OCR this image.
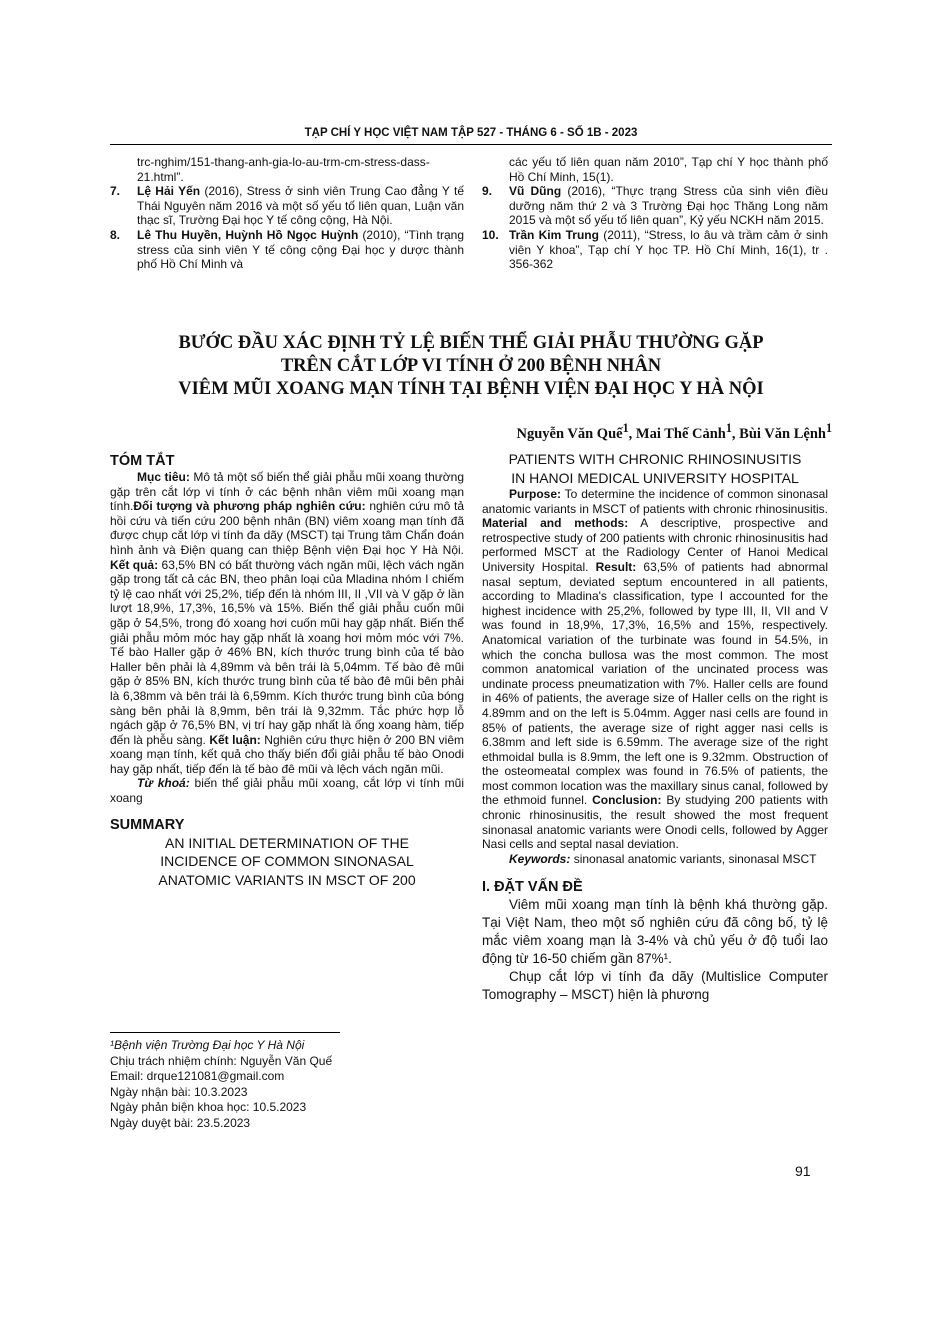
TẠP CHÍ Y HỌC VIỆT NAM TẬP 527 - THÁNG 6 - SỐ 1B - 2023
trc-nghim/151-thang-anh-gia-lo-au-trm-cm-stress-dass-21.html”.
7.	Lệ Hải Yến (2016), Stress ở sinh viên Trung Cao đẳng Y tế Thái Nguyên năm 2016 và một số yếu tố liên quan, Luận văn thạc sĩ, Trường Đại học Y tế công cộng, Hà Nội.
8.	Lê Thu Huyền, Huỳnh Hồ Ngọc Huỳnh (2010), “Tình trạng stress của sinh viên Y tế công cộng Đại học y dược thành phố Hồ Chí Minh và
các yếu tố liên quan năm 2010”, Tạp chí Y học thành phố Hồ Chí Minh, 15(1).
9.	Vũ Dũng (2016), “Thực trạng Stress của sinh viên điều dưỡng năm thứ 2 và 3 Trường Đại học Thăng Long năm 2015 và một số yếu tố liên quan”, Kỷ yếu NCKH năm 2015.
10. Trần Kim Trung (2011), “Stress, lo âu và trầm cảm ở sinh viên Y khoa”, Tạp chí Y học TP. Hồ Chí Minh, 16(1), tr . 356-362
BƯỚC ĐẦU XÁC ĐỊNH TỶ LỆ BIẾN THỂ GIẢI PHẪU THƯỜNG GẶP
TRÊN CẮT LỚP VI TÍNH Ở 200 BỆNH NHÂN
VIÊM MŨI XOANG MẠN TÍNH TẠI BỆNH VIỆN ĐẠI HỌC Y HÀ NỘI
Nguyễn Văn Quế$^1$, Mai Thế Cảnh$^1$, Bùi Văn Lệnh$^1$
TÓM TẮT
Mục tiêu: Mô tả một số biến thể giải phẫu mũi xoang thường gặp trên cắt lớp vi tính ở các bệnh nhân viêm mũi xoang mạn tính.Đối tượng và phương pháp nghiên cứu: nghiên cứu mô tả hồi cứu và tiến cứu 200 bệnh nhân (BN) viêm xoang mạn tính đã được chụp cắt lớp vi tính đa dãy (MSCT) tại Trung tâm Chẩn đoán hình ảnh và Điện quang can thiệp Bệnh viện Đại học Y Hà Nội. Kết quả: 63,5% BN có bất thường vách ngăn mũi, lệch vách ngăn gặp trong tất cả các BN, theo phân loại của Mladina nhóm I chiếm tỷ lệ cao nhất với 25,2%, tiếp đến là nhóm III, II ,VII và V gặp ở lần lượt 18,9%, 17,3%, 16,5% và 15%. Biến thể giải phẫu cuốn mũi gặp ở 54,5%, trong đó xoang hơi cuốn mũi hay gặp nhất. Biến thể giải phẫu mỏm móc hay gặp nhất là xoang hơi mỏm móc với 7%. Tế bào Haller gặp ở 46% BN, kích thước trung bình của tế bào Haller bên phải là 4,89mm và bên trái là 5,04mm. Tế bào đê mũi gặp ở 85% BN, kích thước trung bình của tế bào đê mũi bên phải là 6,38mm và bên trái là 6,59mm. Kích thước trung bình của bóng sàng bên phải là 8,9mm, bên trái là 9,32mm. Tắc phức hợp lỗ ngách gặp ở 76,5% BN, vị trí hay gặp nhất là ống xoang hàm, tiếp đến là phễu sàng. Kết luận: Nghiên cứu thực hiện ở 200 BN viêm xoang mạn tính, kết quả cho thấy biến đổi giải phẫu tế bào Onodi hay gặp nhất, tiếp đến là tế bào đê mũi và lệch vách ngăn mũi.
Từ khoá: biến thể giải phẫu mũi xoang, cắt lớp vi tính mũi xoang
SUMMARY
AN INITIAL DETERMINATION OF THE
INCIDENCE OF COMMON SINONASAL
ANATOMIC VARIANTS IN MSCT OF 200
PATIENTS WITH CHRONIC RHINOSINUSITIS
IN HANOI MEDICAL UNIVERSITY HOSPITAL
Purpose: To determine the incidence of common sinonasal anatomic variants in MSCT of patients with chronic rhinosinusitis. Material and methods: A descriptive, prospective and retrospective study of 200 patients with chronic rhinosinusitis had performed MSCT at the Radiology Center of Hanoi Medical University Hospital. Result: 63,5% of patients had abnormal nasal septum, deviated septum encountered in all patients, according to Mladina's classification, type I accounted for the highest incidence with 25,2%, followed by type III, II, VII and V was found in 18,9%, 17,3%, 16,5% and 15%, respectively. Anatomical variation of the turbinate was found in 54.5%, in which the concha bullosa was the most common. The most common anatomical variation of the uncinated process was undinate process pneumatization with 7%. Haller cells are found in 46% of patients, the average size of Haller cells on the right is 4.89mm and on the left is 5.04mm. Agger nasi cells are found in 85% of patients, the average size of right agger nasi cells is 6.38mm and left side is 6.59mm. The average size of the right ethmoidal bulla is 8.9mm, the left one is 9.32mm. Obstruction of the osteomeatal complex was found in 76.5% of patients, the most common location was the maxillary sinus canal, followed by the ethmoid funnel. Conclusion: By studying 200 patients with chronic rhinosinusitis, the result showed the most frequent sinonasal anatomic variants were Onodi cells, followed by Agger Nasi cells and septal nasal deviation.
Keywords: sinonasal anatomic variants, sinonasal MSCT
I. ĐẶT VẤN ĐỀ
Viêm mũi xoang mạn tính là bệnh khá thường gặp. Tại Việt Nam, theo một số nghiên cứu đã công bố, tỷ lệ mắc viêm xoang mạn là 3-4% và chủ yếu ở độ tuổi lao động từ 16-50 chiếm gần 87%¹.
Chụp cắt lớp vi tính đa dãy (Multislice Computer Tomography – MSCT) hiện là phương
¹Bệnh viện Trường Đại học Y Hà Nội
Chịu trách nhiệm chính: Nguyễn Văn Quế
Email: drque121081@gmail.com
Ngày nhận bài: 10.3.2023
Ngày phản biện khoa học: 10.5.2023
Ngày duyệt bài: 23.5.2023
91
